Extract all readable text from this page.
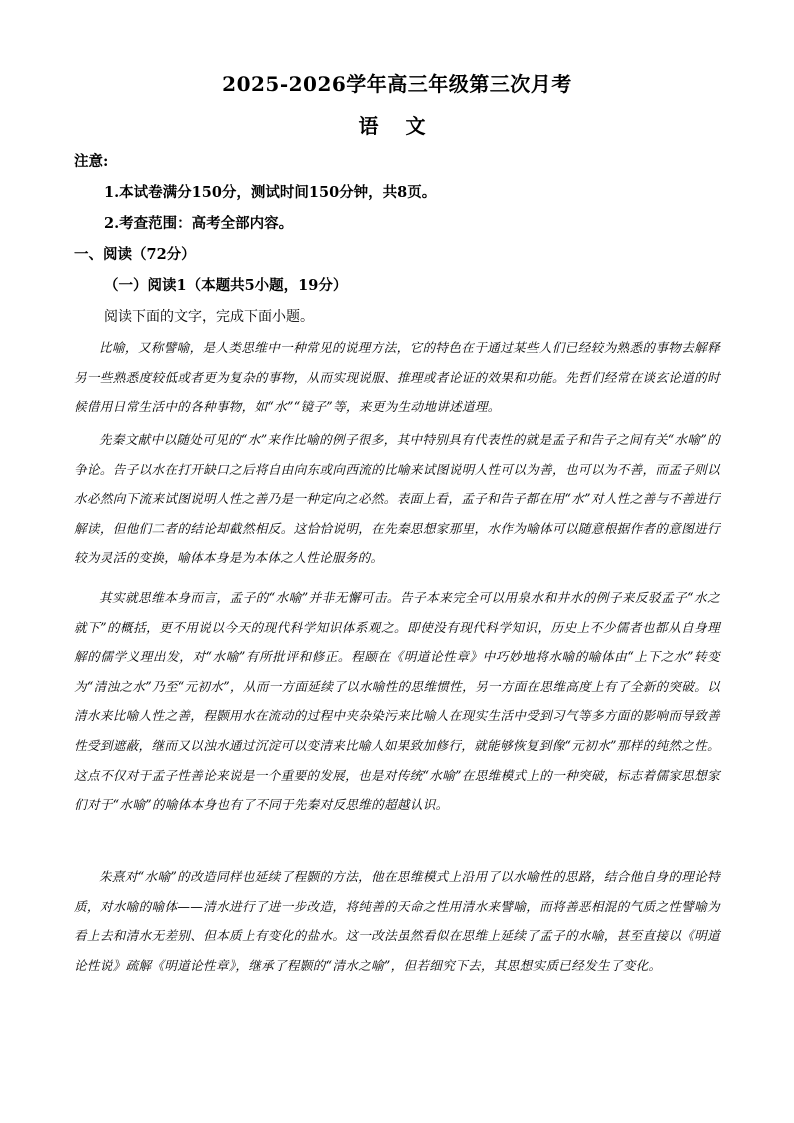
2025-2026学年高三年级第三次月考
语 文
注意:
1.本试卷满分150分，测试时间150分钟，共8页。
2.考查范围：高考全部内容。
一、阅读（72分）
（一）阅读1（本题共5小题，19分）
阅读下面的文字，完成下面小题。

比喻，又称譬喻，是人类思维中一种常见的说理方法，它的特色在于通过某些人们已经较为熟悉的事物去解释另一些熟悉度较低或者更为复杂的事物，从而实现说服、推理或者论证的效果和功能。先哲们经常在谈玄论道的时候借用日常生活中的各种事物，如“水”“镜子”等，来更为生动地讲述道理。

先秦文献中以随处可见的“水”来作比喻的例子很多，其中特别具有代表性的就是孟子和告子之间有关“水喻”的争论。告子以水在打开缺口之后将自由向东或向西流的比喻来试图说明人性可以为善，也可以为不善，而孟子则以水必然向下流来试图说明人性之善乃是一种定向之必然。表面上看，孟子和告子都在用“水”对人性之善与不善进行解读，但他们二者的结论却截然相反。这恰恰说明，在先秦思想家那里，水作为喻体可以随意根据作者的意图进行较为灵活的变换，喻体本身是为本体之人性论服务的。

其实就思维本身而言，孟子的“水喻”并非无懈可击。告子本来完全可以用泉水和井水的例子来反驳孟子“水之就下”的概括，更不用说以今天的现代科学知识体系观之。即使没有现代科学知识，历史上不少儒者也都从自身理解的儒学义理出发，对“水喻”有所批评和修正。程颐在《明道论性章》中巧妙地将水喻的喻体由“上下之水”转变为“清浊之水”乃至“元初水”，从而一方面延续了以水喻性的思维惯性，另一方面在思维高度上有了全新的突破。以清水来比喻人性之善，程颢用水在流动的过程中夹杂染污来比喻人在现实生活中受到习气等多方面的影响而导致善性受到遮蔽，继而又以浊水通过沉淀可以变清来比喻人如果致加修行，就能够恢复到像“元初水”那样的纯然之性。这点不仅对于孟子性善论来说是一个重要的发展，也是对传统“水喻”在思维模式上的一种突破，标志着儒家思想家们对于“水喻”的喻体本身也有了不同于先秦对反思维的超越认识。

朱熹对“水喻”的改造同样也延续了程颢的方法，他在思维模式上沿用了以水喻性的思路，结合他自身的理论特质，对水喻的喻体——清水进行了进一步改造，将纯善的天命之性用清水来譬喻，而将善恶相混的气质之性譬喻为看上去和清水无差别、但本质上有变化的盐水。这一改法虽然看似在思维上延续了孟子的水喻，甚至直接以《明道论性说》疏解《明道论性章》，继承了程颢的“清水之喻”，但若细究下去，其思想实质已经发生了变化。
